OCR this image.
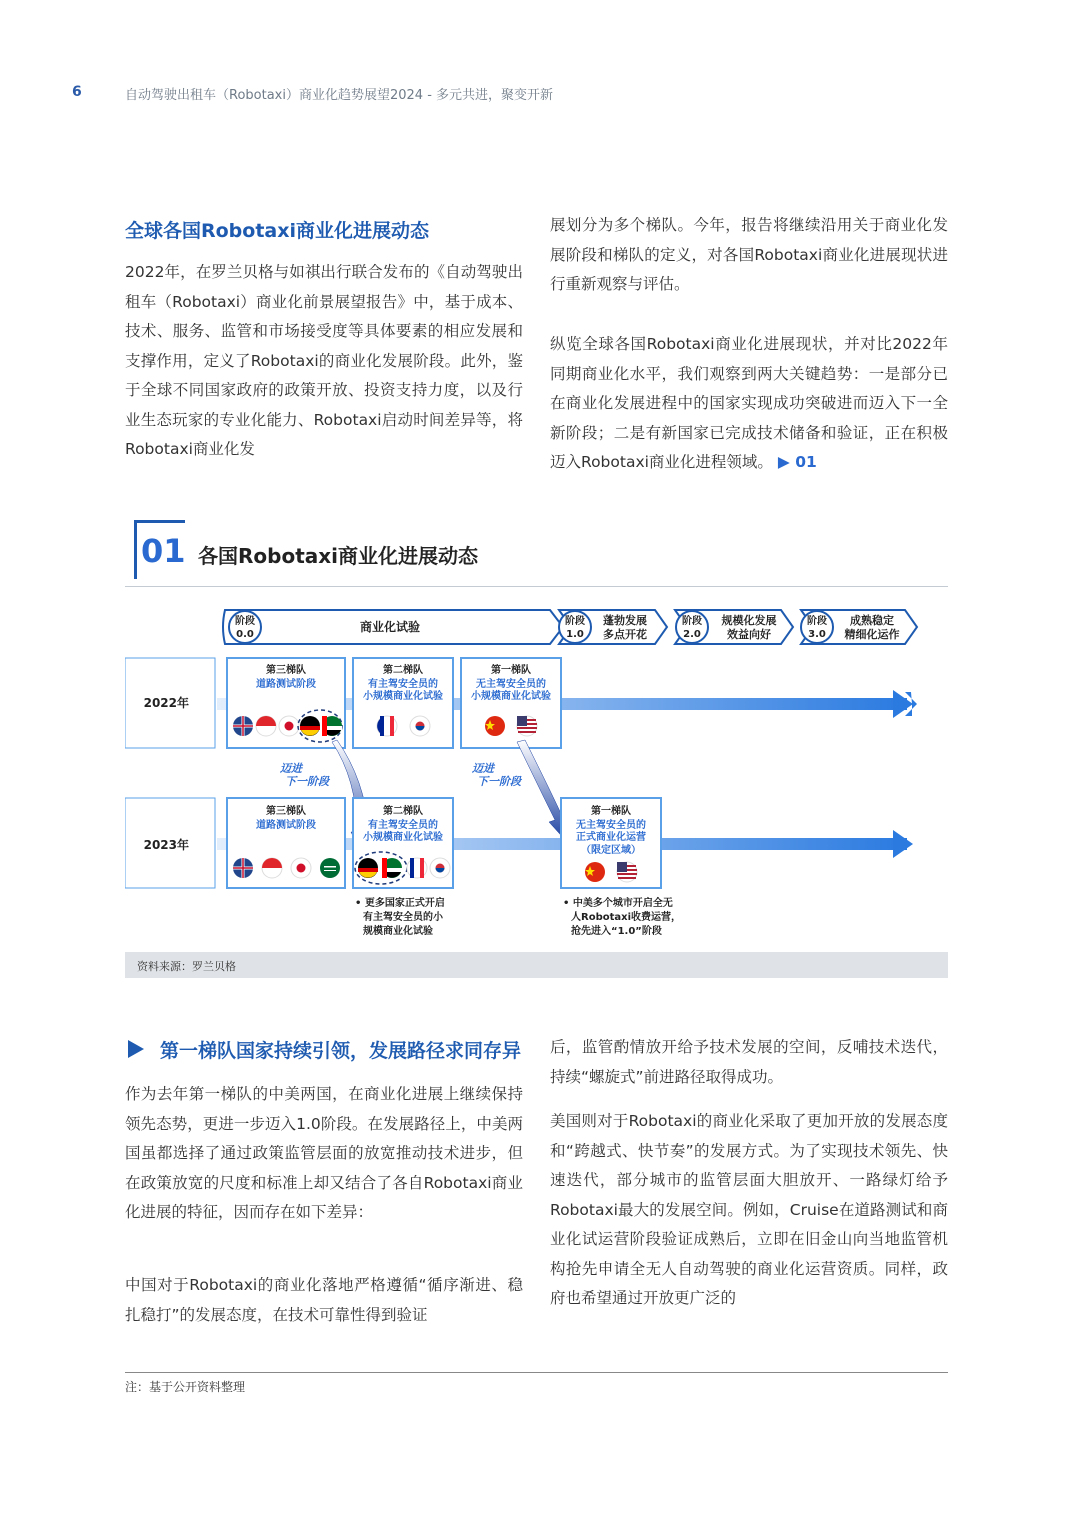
6	自动驾驶出租车（Robotaxi）商业化趋势展望2024 - 多元共进，聚变开新
全球各国Robotaxi商业化进展动态
2022年，在罗兰贝格与如祺出行联合发布的《自动驾驶出租车（Robotaxi）商业化前景展望报告》中，基于成本、技术、服务、监管和市场接受度等具体要素的相应发展和支撑作用，定义了Robotaxi的商业化发展阶段。此外，鉴于全球不同国家政府的政策开放、投资支持力度，以及行业生态玩家的专业化能力、Robotaxi启动时间差异等，将Robotaxi商业化发
展划分为多个梯队。今年，报告将继续沿用关于商业化发展阶段和梯队的定义，对各国Robotaxi商业化进展现状进行重新观察与评估。
纵览全球各国Robotaxi商业化进展现状，并对比2022年同期商业化水平，我们观察到两大关键趋势：一是部分已在商业化发展进程中的国家实现成功突破进而迈入下一全新阶段；二是有新国家已完成技术储备和验证，正在积极迈入Robotaxi商业化进程领域。 ▶ 01
01 各国Robotaxi商业化进展动态
阶段
0.0
商业化试验	阶段
1.0
蓬勃发展
多点开花
阶段
2.0
规模化发展
效益向好
阶段
3.0
成熟稳定
精细化运作
2022年
2023年
第三梯队
道路测试阶段
第二梯队
有主驾安全员的
小规模商业化试验
第一梯队
无主驾安全员的
小规模商业化试验
迈进
下一阶段
迈进
下一阶段
第三梯队
道路测试阶段
第二梯队
有主驾安全员的
小规模商业化试验
第一梯队
无主驾安全员的
正式商业化运营
（限定区域）
• 更多国家正式开启
有主驾安全员的小
规模商业化试验
• 中美多个城市开启全无
人Robotaxi收费运营，
抢先进入“1.0”阶段
资料来源：罗兰贝格
第一梯队国家持续引领，发展路径求同存异
作为去年第一梯队的中美两国，在商业化进展上继续保持领先态势，更进一步迈入1.0阶段。在发展路径上，中美两国虽都选择了通过政策监管层面的放宽推动技术进步，但在政策放宽的尺度和标准上却又结合了各自Robotaxi商业化进展的特征，因而存在如下差异：
中国对于Robotaxi的商业化落地严格遵循“循序渐进、稳扎稳打”的发展态度，在技术可靠性得到验证
后，监管酌情放开给予技术发展的空间，反哺技术迭代，持续“螺旋式”前进路径取得成功。
美国则对于Robotaxi的商业化采取了更加开放的发展态度和“跨越式、快节奏”的发展方式。为了实现技术领先、快速迭代，部分城市的监管层面大胆放开、一路绿灯给予Robotaxi最大的发展空间。例如，Cruise在道路测试和商业化试运营阶段验证成熟后，立即在旧金山向当地监管机构抢先申请全无人自动驾驶的商业化运营资质。同样，政府也希望通过开放更广泛的
注：基于公开资料整理
